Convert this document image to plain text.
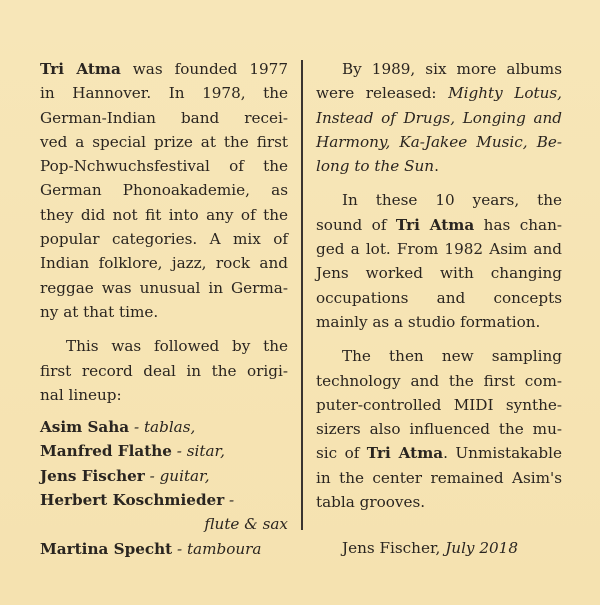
Tri Atma was founded 1977
in Hannover. In 1978, the
German-Indian band recei-
ved a special prize at the first
Pop-Nchwuchsfestival of the
German Phonoakademie, as
they did not fit into any of the
popular categories. A mix of
Indian folklore, jazz, rock and
reggae was unusual in Germa-
ny at that time.

This was followed by the
first record deal in the origi-
nal lineup:

Asim Saha - tablas,
Manfred Flathe - sitar,
Jens Fischer - guitar,
Herbert Koschmieder -
flute & sax
Martina Specht - tamboura

By 1989, six more albums
were released: Mighty Lotus,
Instead of Drugs, Longing and
Harmony, Ka-Jakee Music, Be-
long to the Sun.

In these 10 years, the
sound of Tri Atma has chan-
ged a lot. From 1982 Asim and
Jens worked with changing
occupations and concepts
mainly as a studio formation.

The then new sampling
technology and the first com-
puter-controlled MIDI synthe-
sizers also influenced the mu-
sic of Tri Atma. Unmistakable
in the center remained Asim's
tabla grooves.

Jens Fischer, July 2018
